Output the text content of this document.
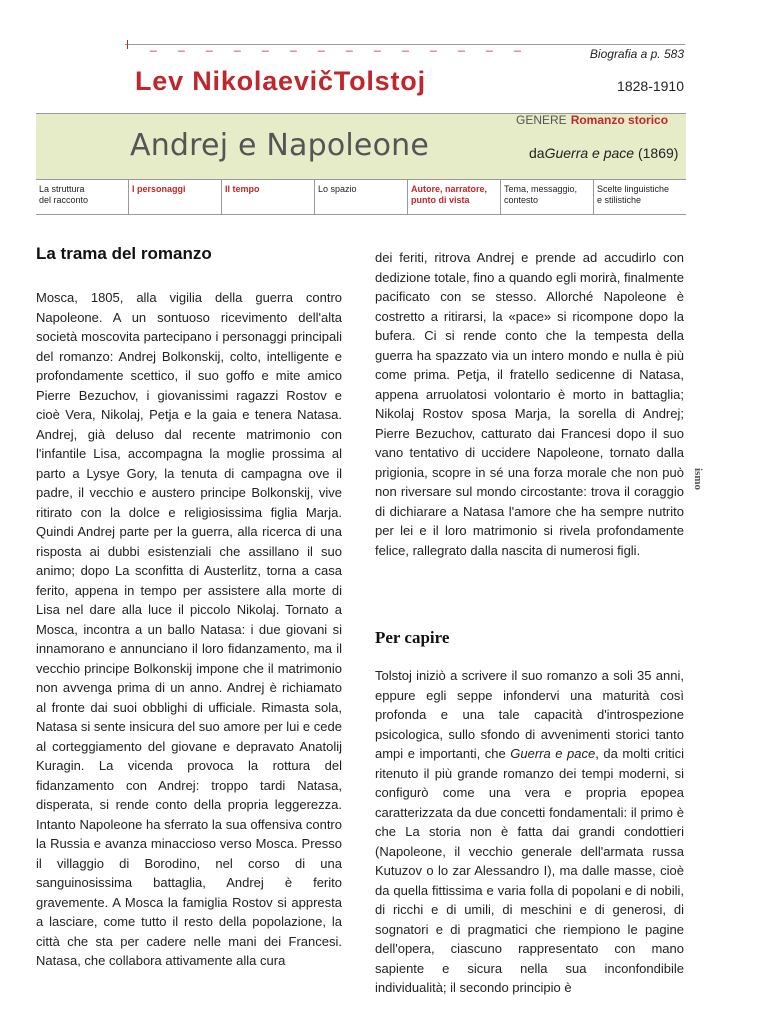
_ _ _ _ _ _ _ _ _ _ _ _ _ _
Biografia a p. 583
Lev NikolaevičTolstoj	1828-1910
GENERE Romanzo storico
Andrej e Napoleone	daGuerra e pace (1869)
La struttura
del racconto
I personaggi	Il tempo	Lo spazio	Autore, narratore,
punto di vista
Tema, messaggio,
contesto
Scelte linguistiche
e stilistiche
La trama del romanzo

Mosca, 1805, alla vigilia della guerra contro Napoleone. A un sontuoso ricevimento dell'alta società moscovita partecipano i personaggi principali del romanzo: Andrej Bolkonskij, colto, intelligente e profondamente scettico, il suo goffo e mite amico Pierre Bezuchov, i giovanissimi ragazzi Rostov e cioè Vera, Nikolaj, Petja e la gaia e tenera Natasa. Andrej, già deluso dal recente matrimonio con l'infantile Lisa, accompagna la moglie prossima al parto a Lysye Gory, la tenuta di campagna ove il padre, il vecchio e austero principe Bolkonskij, vive ritirato con la dolce e religiosissima figlia Marja. Quindi Andrej parte per la guerra, alla ricerca di una risposta ai dubbi esistenziali che assillano il suo animo; dopo La sconfitta di Austerlitz, torna a casa ferito, appena in tempo per assistere alla morte di Lisa nel dare alla luce il piccolo Nikolaj. Tornato a Mosca, incontra a un ballo Natasa: i due giovani si innamorano e annunciano il loro fidanzamento, ma il vecchio principe Bolkonskij impone che il matrimonio non avvenga prima di un anno. Andrej è richiamato al fronte dai suoi obblighi di ufficiale. Rimasta sola, Natasa si sente insicura del suo amore per lui e cede al corteggiamento del giovane e depravato Anatolij Kuragin. La vicenda provoca la rottura del fidanzamento con Andrej: troppo tardi Natasa, disperata, si rende conto della propria leggerezza. Intanto Napoleone ha sferrato la sua offensiva contro la Russia e avanza minaccioso verso Mosca. Presso il villaggio di Borodino, nel corso di una sanguinosissima battaglia, Andrej è ferito gravemente. A Mosca la famiglia Rostov si appresta a lasciare, come tutto il resto della popolazione, la città che sta per cadere nelle mani dei Francesi. Natasa, che collabora attivamente alla cura

dei feriti, ritrova Andrej e prende ad accudirlo con dedizione totale, fino a quando egli morirà, finalmente pacificato con se stesso. Allorché Napoleone è costretto a ritirarsi, la «pace» si ricompone dopo la bufera. Ci si rende conto che la tempesta della guerra ha spazzato via un intero mondo e nulla è più come prima. Petja, il fratello sedicenne di Natasa, appena arruolatosi volontario è morto in battaglia; Nikolaj Rostov sposa Marja, la sorella di Andrej; Pierre Bezuchov, catturato dai Francesi dopo il suo vano tentativo di uccidere Napoleone, tornato dalla prigionia, scopre in sé una forza morale che non può non riversare sul mondo circostante: trova il coraggio di dichiarare a Natasa l'amore che ha sempre nutrito per lei e il loro matrimonio si rivela profondamente felice, rallegrato dalla nascita di numerosi figli.

Per capire

Tolstoj iniziò a scrivere il suo romanzo a soli 35 anni, eppure egli seppe infondervi una maturità così profonda e una tale capacità d'introspezione psicologica, sullo sfondo di avvenimenti storici tanto ampi e importanti, che Guerra e pace, da molti critici ritenuto il più grande romanzo dei tempi moderni, si configurò come una vera e propria epopea caratterizzata da due concetti fondamentali: il primo è che La storia non è fatta dai grandi condottieri (Napoleone, il vecchio generale dell'armata russa Kutuzov o lo zar Alessandro I), ma dalle masse, cioè da quella fittissima e varia folla di popolani e di nobili, di ricchi e di umili, di meschini e di generosi, di sognatori e di pragmatici che riempiono le pagine dell'opera, ciascuno rappresentato con mano sapiente e sicura nella sua inconfondibile individualità; il secondo principio è

ismo
